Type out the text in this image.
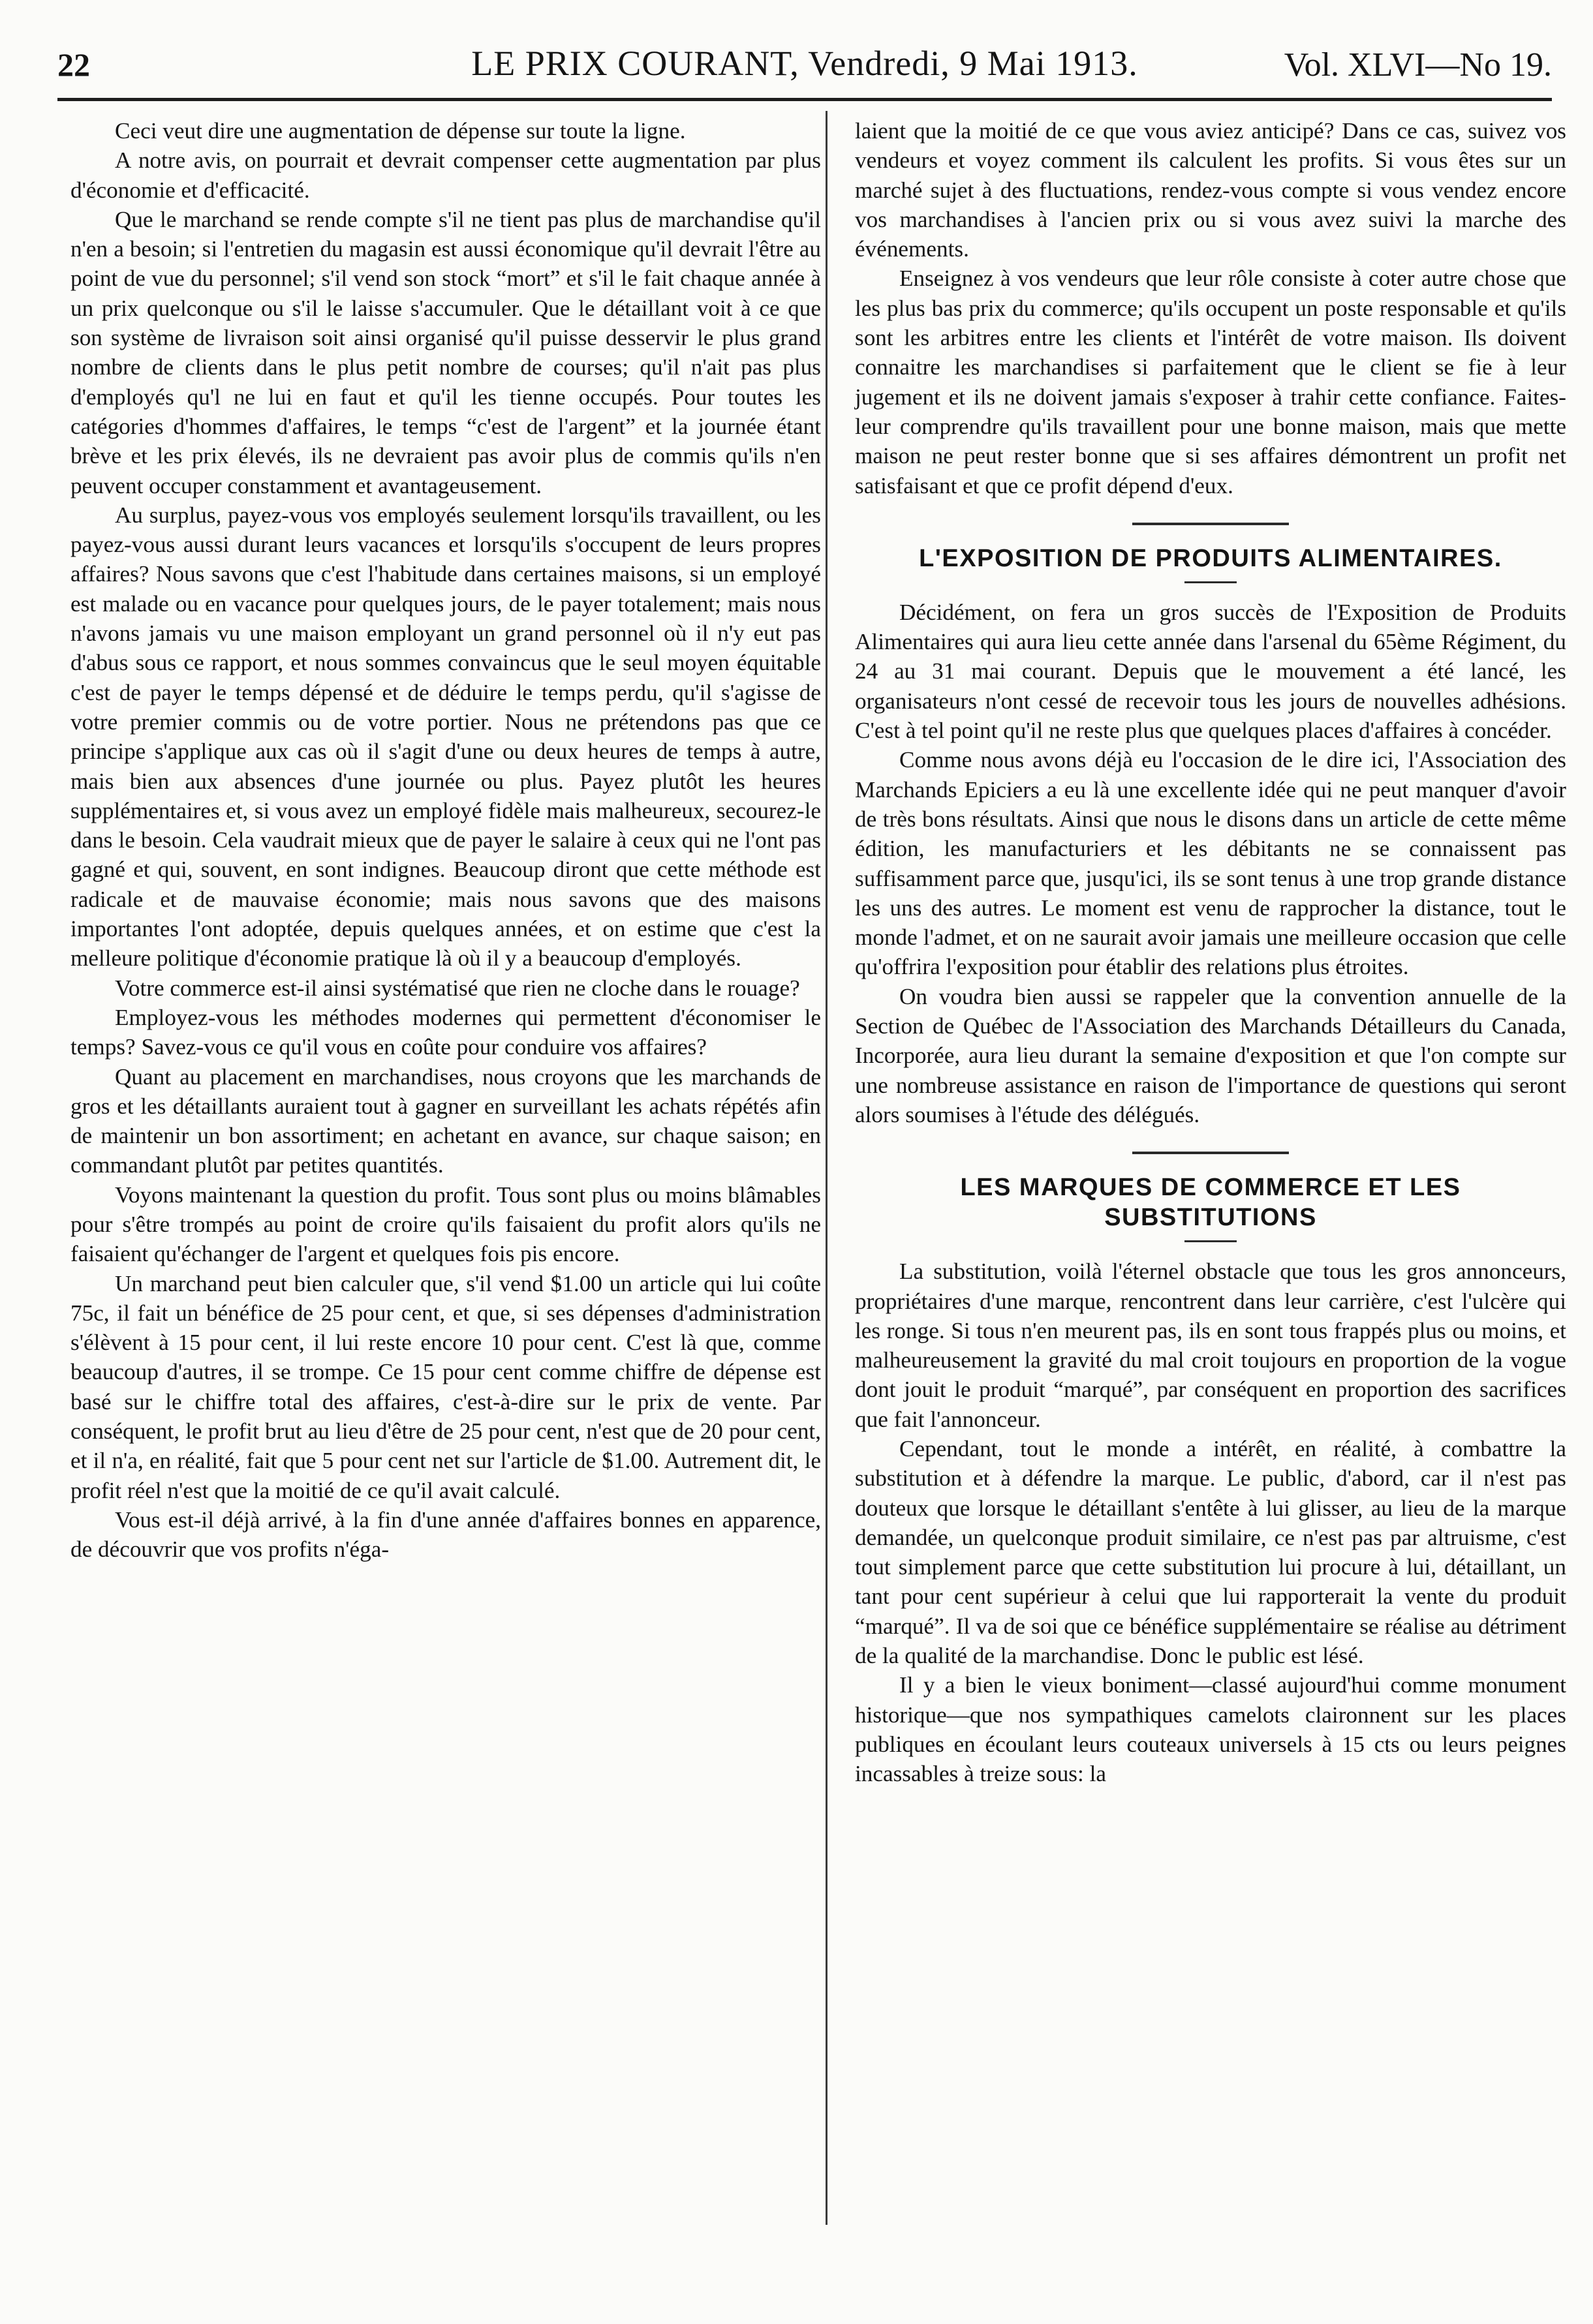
22	LE PRIX COURANT, Vendredi, 9 Mai 1913.	Vol. XLVI—No 19.

Ceci veut dire une augmentation de dépense sur toute la ligne.

A notre avis, on pourrait et devrait compenser cette augmentation par plus d'économie et d'efficacité.

Que le marchand se rende compte s'il ne tient pas plus de marchandise qu'il n'en a besoin; si l'entretien du magasin est aussi économique qu'il devrait l'être au point de vue du personnel; s'il vend son stock “mort” et s'il le fait chaque année à un prix quelconque ou s'il le laisse s'accumuler. Que le détaillant voit à ce que son système de livraison soit ainsi organisé qu'il puisse desservir le plus grand nombre de clients dans le plus petit nombre de courses; qu'il n'ait pas plus d'employés qu'l ne lui en faut et qu'il les tienne occupés. Pour toutes les catégories d'hommes d'affaires, le temps “c'est de l'argent” et la journée étant brève et les prix élevés, ils ne devraient pas avoir plus de commis qu'ils n'en peuvent occuper constamment et avantageusement.

Au surplus, payez-vous vos employés seulement lorsqu'ils travaillent, ou les payez-vous aussi durant leurs vacances et lorsqu'ils s'occupent de leurs propres affaires? Nous savons que c'est l'habitude dans certaines maisons, si un employé est malade ou en vacance pour quelques jours, de le payer totalement; mais nous n'avons jamais vu une maison employant un grand personnel où il n'y eut pas d'abus sous ce rapport, et nous sommes convaincus que le seul moyen équitable c'est de payer le temps dépensé et de déduire le temps perdu, qu'il s'agisse de votre premier commis ou de votre portier. Nous ne prétendons pas que ce principe s'applique aux cas où il s'agit d'une ou deux heures de temps à autre, mais bien aux absences d'une journée ou plus. Payez plutôt les heures supplémentaires et, si vous avez un employé fidèle mais malheureux, secourez-le dans le besoin. Cela vaudrait mieux que de payer le salaire à ceux qui ne l'ont pas gagné et qui, souvent, en sont indignes. Beaucoup diront que cette méthode est radicale et de mauvaise économie; mais nous savons que des maisons importantes l'ont adoptée, depuis quelques années, et on estime que c'est la melleure politique d'économie pratique là où il y a beaucoup d'employés.

Votre commerce est-il ainsi systématisé que rien ne cloche dans le rouage?

Employez-vous les méthodes modernes qui permettent d'économiser le temps? Savez-vous ce qu'il vous en coûte pour conduire vos affaires?

Quant au placement en marchandises, nous croyons que les marchands de gros et les détaillants auraient tout à gagner en surveillant les achats répétés afin de maintenir un bon assortiment; en achetant en avance, sur chaque saison; en commandant plutôt par petites quantités.

Voyons maintenant la question du profit. Tous sont plus ou moins blâmables pour s'être trompés au point de croire qu'ils faisaient du profit alors qu'ils ne faisaient qu'échanger de l'argent et quelques fois pis encore.

Un marchand peut bien calculer que, s'il vend $1.00 un article qui lui coûte 75c, il fait un bénéfice de 25 pour cent, et que, si ses dépenses d'administration s'élèvent à 15 pour cent, il lui reste encore 10 pour cent. C'est là que, comme beaucoup d'autres, il se trompe. Ce 15 pour cent comme chiffre de dépense est basé sur le chiffre total des affaires, c'est-à-dire sur le prix de vente. Par conséquent, le profit brut au lieu d'être de 25 pour cent, n'est que de 20 pour cent, et il n'a, en réalité, fait que 5 pour cent net sur l'article de $1.00. Autrement dit, le profit réel n'est que la moitié de ce qu'il avait calculé.

Vous est-il déjà arrivé, à la fin d'une année d'affaires bonnes en apparence, de découvrir que vos profits n'éga-

laient que la moitié de ce que vous aviez anticipé? Dans ce cas, suivez vos vendeurs et voyez comment ils calculent les profits. Si vous êtes sur un marché sujet à des fluctuations, rendez-vous compte si vous vendez encore vos marchandises à l'ancien prix ou si vous avez suivi la marche des événements.

Enseignez à vos vendeurs que leur rôle consiste à coter autre chose que les plus bas prix du commerce; qu'ils occupent un poste responsable et qu'ils sont les arbitres entre les clients et l'intérêt de votre maison. Ils doivent connaitre les marchandises si parfaitement que le client se fie à leur jugement et ils ne doivent jamais s'exposer à trahir cette confiance. Faites-leur comprendre qu'ils travaillent pour une bonne maison, mais que mette maison ne peut rester bonne que si ses affaires démontrent un profit net satisfaisant et que ce profit dépend d'eux.

L'EXPOSITION DE PRODUITS ALIMENTAIRES.

Décidément, on fera un gros succès de l'Exposition de Produits Alimentaires qui aura lieu cette année dans l'arsenal du 65ème Régiment, du 24 au 31 mai courant. Depuis que le mouvement a été lancé, les organisateurs n'ont cessé de recevoir tous les jours de nouvelles adhésions. C'est à tel point qu'il ne reste plus que quelques places d'affaires à concéder.

Comme nous avons déjà eu l'occasion de le dire ici, l'Association des Marchands Epiciers a eu là une excellente idée qui ne peut manquer d'avoir de très bons résultats. Ainsi que nous le disons dans un article de cette même édition, les manufacturiers et les débitants ne se connaissent pas suffisamment parce que, jusqu'ici, ils se sont tenus à une trop grande distance les uns des autres. Le moment est venu de rapprocher la distance, tout le monde l'admet, et on ne saurait avoir jamais une meilleure occasion que celle qu'offrira l'exposition pour établir des relations plus étroites.

On voudra bien aussi se rappeler que la convention annuelle de la Section de Québec de l'Association des Marchands Détailleurs du Canada, Incorporée, aura lieu durant la semaine d'exposition et que l'on compte sur une nombreuse assistance en raison de l'importance de questions qui seront alors soumises à l'étude des délégués.

LES MARQUES DE COMMERCE ET LES SUBSTITUTIONS

La substitution, voilà l'éternel obstacle que tous les gros annonceurs, propriétaires d'une marque, rencontrent dans leur carrière, c'est l'ulcère qui les ronge. Si tous n'en meurent pas, ils en sont tous frappés plus ou moins, et malheureusement la gravité du mal croit toujours en proportion de la vogue dont jouit le produit “marqué”, par conséquent en proportion des sacrifices que fait l'annonceur.

Cependant, tout le monde a intérêt, en réalité, à combattre la substitution et à défendre la marque. Le public, d'abord, car il n'est pas douteux que lorsque le détaillant s'entête à lui glisser, au lieu de la marque demandée, un quelconque produit similaire, ce n'est pas par altruisme, c'est tout simplement parce que cette substitution lui procure à lui, détaillant, un tant pour cent supérieur à celui que lui rapporterait la vente du produit “marqué”. Il va de soi que ce bénéfice supplémentaire se réalise au détriment de la qualité de la marchandise. Donc le public est lésé.

Il y a bien le vieux boniment—classé aujourd'hui comme monument historique—que nos sympathiques camelots claironnent sur les places publiques en écoulant leurs couteaux universels à 15 cts ou leurs peignes incassables à treize sous: la
